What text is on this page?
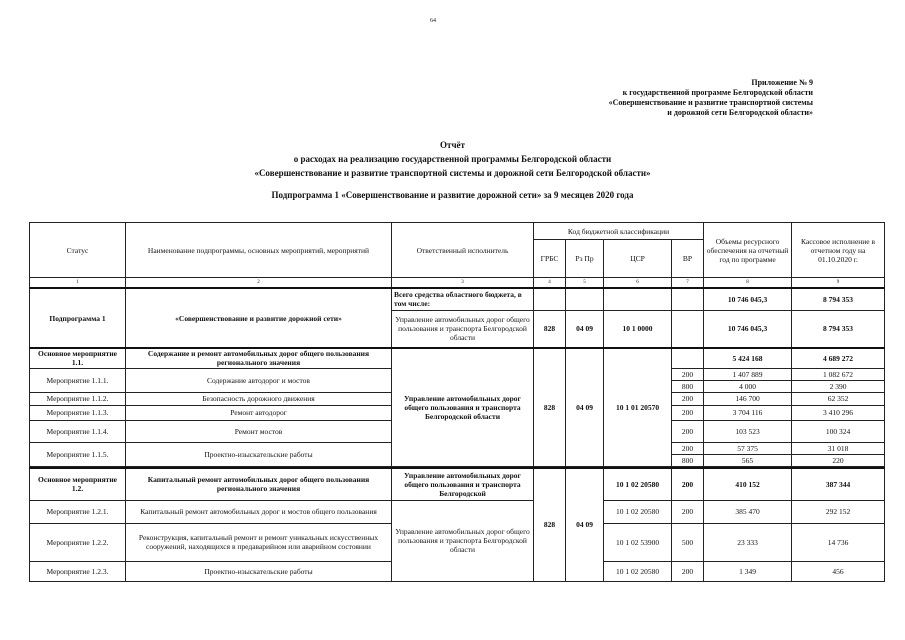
64
Приложение № 9
к государственной программе Белгородской области
«Совершенствование и развитие транспортной системы
и дорожной сети Белгородской области»
Отчёт
о расходах на реализацию государственной программы Белгородской области
«Совершенствование и развитие транспортной системы и дорожной сети Белгородской области»
Подпрограмма 1 «Совершенствование и развитие дорожной сети» за 9 месяцев 2020 года
Статус	Наименование подпрограммы, основных мероприятий, мероприятий	Ответственный исполнитель	Код бюджетной классификации				Объемы ресурсного обеспечения на отчетный год по программе	Кассовое исполнение в отчетном году на 01.10.2020 г.
			ГРБС	Рз Пр	ЦСР	ВР		
1	2	3	4	5	6	7	8	9
Подпрограмма 1	«Совершенствование и развитие дорожной сети»	Всего средства областного бюджета, в том числе:					10 746 045,3	8 794 353
		Управление автомобильных дорог общего пользования и транспорта Белгородской области	828	04 09	10 1 0000		10 746 045,3	8 794 353
Основное мероприятие 1.1.	Содержание и ремонт автомобильных дорог общего пользования регионального значения	Управление автомобильных дорог общего пользования и транспорта Белгородской области	828	04 09	10 1 01 20570		5 424 168	4 689 272
Мероприятие 1.1.1.	Содержание автодорог и мостов					200	1 407 889	1 082 672
						800	4 000	2 390
Мероприятие 1.1.2.	Безопасность дорожного движения					200	146 700	62 352
Мероприятие 1.1.3.	Ремонт автодорог					200	3 704 116	3 410 296
Мероприятие 1.1.4.	Ремонт мостов					200	103 523	100 324
Мероприятие 1.1.5.	Проектно-изыскательские работы					200	57 375	31 018
						800	565	220

Основное мероприятие 1.2.	Капитальный ремонт автомобильных дорог общего пользования регионального значения	Управление автомобильных дорог общего пользования и транспорта Белгородской	828	04 09	10 1 02 20580	200	410 152	387 344
Мероприятие 1.2.1.	Капитальный ремонт автомобильных дорог и мостов общего пользования	Управление автомобильных дорог общего пользования и транспорта Белгородской области			10 1 02 20580	200	385 470	292 152
Мероприятие 1.2.2.	Реконструкция, капитальный ремонт и ремонт уникальных искусственных сооружений, находящихся в предаварийном или аварийном состоянии				10 1 02 53900	500	23 333	14 736
Мероприятие 1.2.3.	Проектно-изыскательские работы				10 1 02 20580	200	1 349	456
